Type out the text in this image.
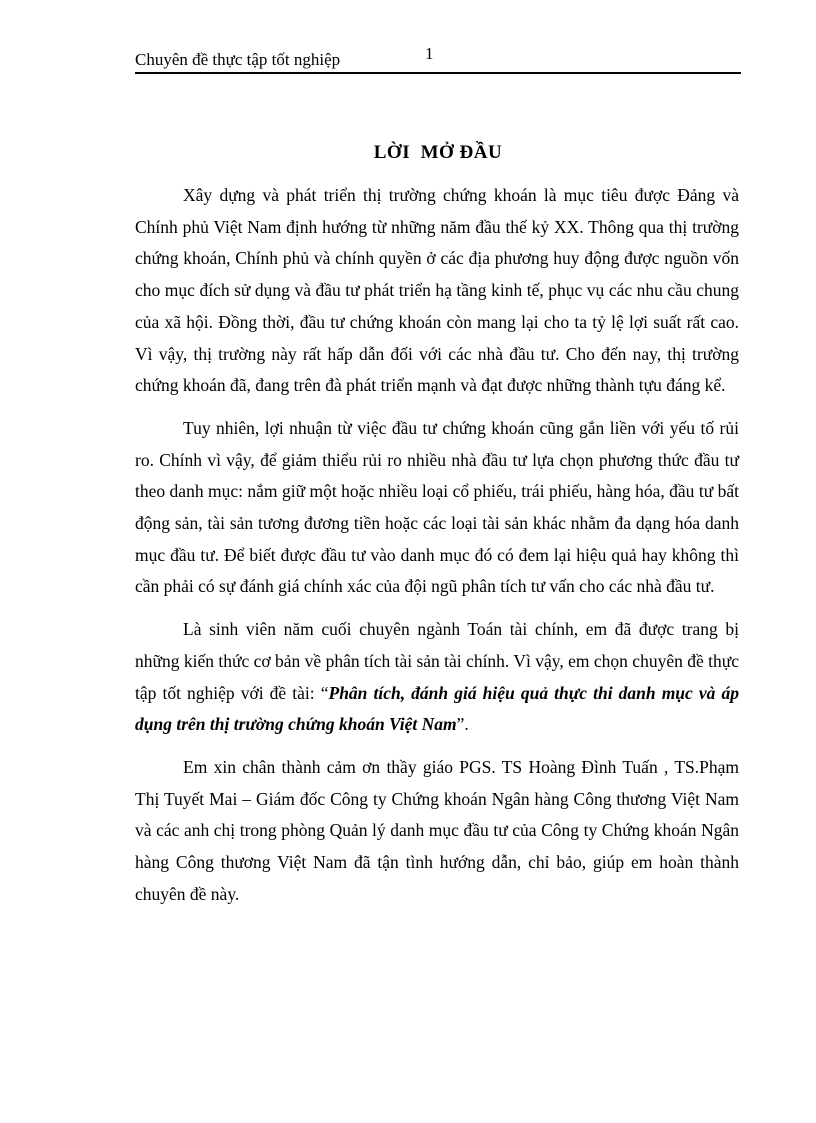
Chuyên đề thực tập tốt nghiệp	1
LỜI  MỞ ĐẦU

Xây dựng và phát triển thị trường chứng khoán là mục tiêu được Đảng và Chính phủ Việt Nam định hướng từ những năm đầu thế kỷ XX. Thông qua thị trường chứng khoán, Chính phủ và chính quyền ở các địa phương huy động được nguồn vốn cho mục đích sử dụng và đầu tư phát triển hạ tầng kinh tế, phục vụ các nhu cầu chung của xã hội. Đồng thời, đầu tư chứng khoán còn mang lại cho ta tỷ lệ lợi suất rất cao. Vì vậy, thị trường này rất hấp dẫn đối với các nhà đầu tư. Cho đến nay, thị trường chứng khoán đã, đang trên đà phát triển mạnh và đạt được những thành tựu đáng kể.

Tuy nhiên, lợi nhuận từ việc đầu tư chứng khoán cũng gắn liền với yếu tố rủi ro. Chính vì vậy, để giảm thiểu rủi ro nhiều nhà đầu tư lựa chọn phương thức đầu tư theo danh mục: nắm giữ một hoặc nhiều loại cổ phiếu, trái phiếu, hàng hóa, đầu tư bất động sản, tài sản tương đương tiền hoặc các loại tài sản khác nhằm đa dạng hóa danh mục đầu tư. Để biết được đầu tư vào danh mục đó có đem lại hiệu quả hay không thì cần phải có sự đánh giá chính xác của đội ngũ phân tích tư vấn cho các nhà đầu tư.

Là sinh viên năm cuối chuyên ngành Toán tài chính, em đã được trang bị những kiến thức cơ bản về phân tích tài sản tài chính. Vì vậy, em chọn chuyên đề thực tập tốt nghiệp với đề tài: “Phân tích, đánh giá hiệu quả thực thi danh mục và áp dụng trên thị trường chứng khoán Việt Nam”.

Em xin chân thành cảm ơn thầy giáo PGS. TS Hoàng Đình Tuấn , TS.Phạm Thị Tuyết Mai – Giám đốc Công ty Chứng khoán Ngân hàng Công thương Việt Nam và các anh chị trong phòng Quản lý danh mục đầu tư của Công ty Chứng khoán Ngân hàng Công thương Việt Nam đã tận tình hướng dẫn, chỉ bảo, giúp em hoàn thành chuyên đề này.
